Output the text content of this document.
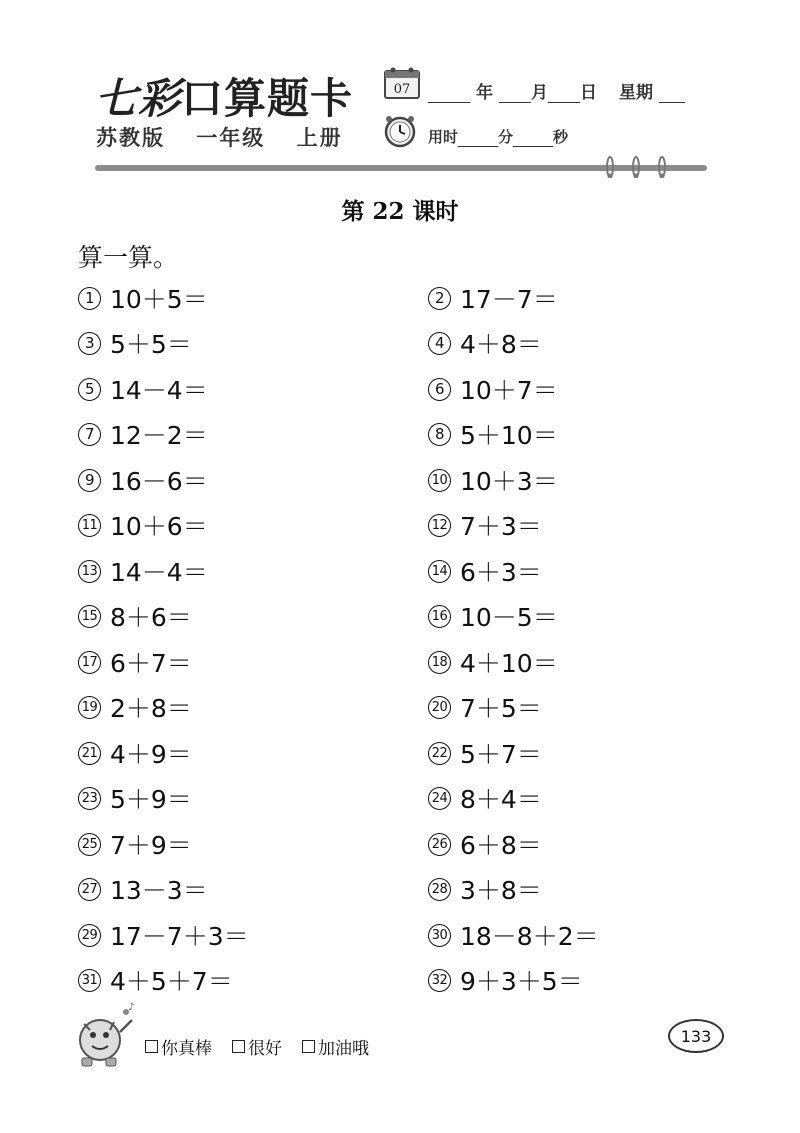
七彩口算题卡
苏教版 一年级 上册
07	年 月 日 星期
用时	分	秒
第 22 课时
算一算。
1 10＋5＝	2 17－7＝
3 5＋5＝	4 4＋8＝
5 14－4＝	6 10＋7＝
7 12－2＝	8 5＋10＝
9 16－6＝	10 10＋3＝
11 10＋6＝	12 7＋3＝
13 14－4＝	14 6＋3＝
15 8＋6＝	16 10－5＝
17 6＋7＝	18 4＋10＝
19 2＋8＝	20 7＋5＝
21 4＋9＝	22 5＋7＝
23 5＋9＝	24 8＋4＝
25 7＋9＝	26 6＋8＝
27 13－3＝	28 3＋8＝
29 17－7＋3＝	30 18－8＋2＝
31 4＋5＋7＝	32 9＋3＋5＝
♪
你真棒 很好 加油哦
133
